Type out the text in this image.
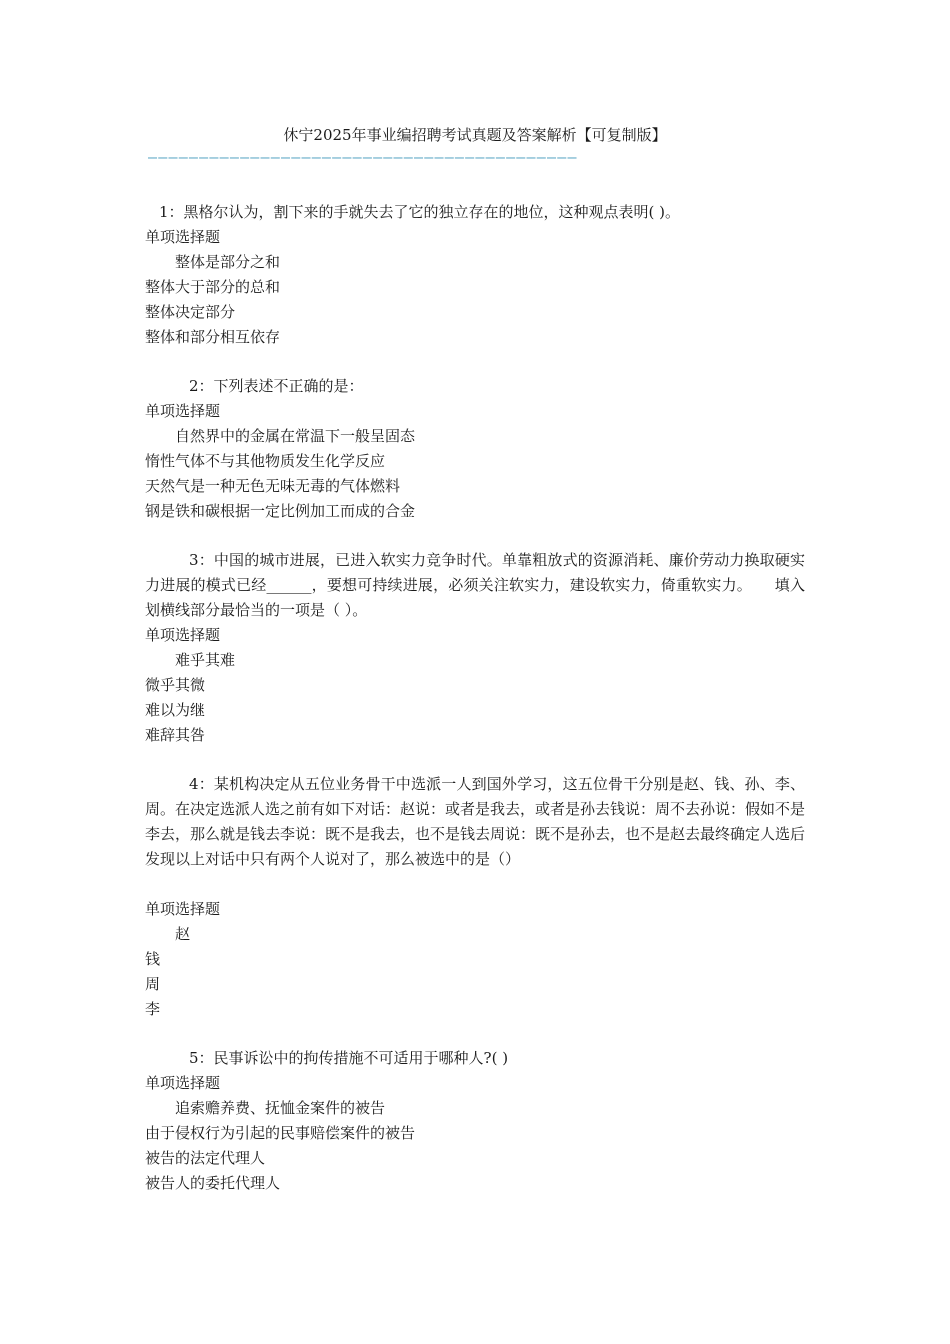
休宁2025年事业编招聘考试真题及答案解析【可复制版】
——————————————————————————————————————————
1：黑格尔认为，割下来的手就失去了它的独立存在的地位，这种观点表明( )。
单项选择题
整体是部分之和
整体大于部分的总和
整体决定部分
整体和部分相互依存
2：下列表述不正确的是：
单项选择题
自然界中的金属在常温下一般呈固态
惰性气体不与其他物质发生化学反应
天然气是一种无色无味无毒的气体燃料
钢是铁和碳根据一定比例加工而成的合金
3：中国的城市进展，已进入软实力竞争时代。单靠粗放式的资源消耗、廉价劳动力换取硬实力进展的模式已经______，要想可持续进展，必须关注软实力，建设软实力，倚重软实力。　　填入划横线部分最恰当的一项是（ ）。
单项选择题
难乎其难
微乎其微
难以为继
难辞其咎
4：某机构决定从五位业务骨干中选派一人到国外学习，这五位骨干分别是赵、钱、孙、李、周。在决定选派人选之前有如下对话：赵说：或者是我去，或者是孙去钱说：周不去孙说：假如不是李去，那么就是钱去李说：既不是我去，也不是钱去周说：既不是孙去，也不是赵去最终确定人选后发现以上对话中只有两个人说对了，那么被选中的是（）
单项选择题
赵
钱
周
李
5：民事诉讼中的拘传措施不可适用于哪种人?( )
单项选择题
追索赡养费、抚恤金案件的被告
由于侵权行为引起的民事赔偿案件的被告
被告的法定代理人
被告人的委托代理人
